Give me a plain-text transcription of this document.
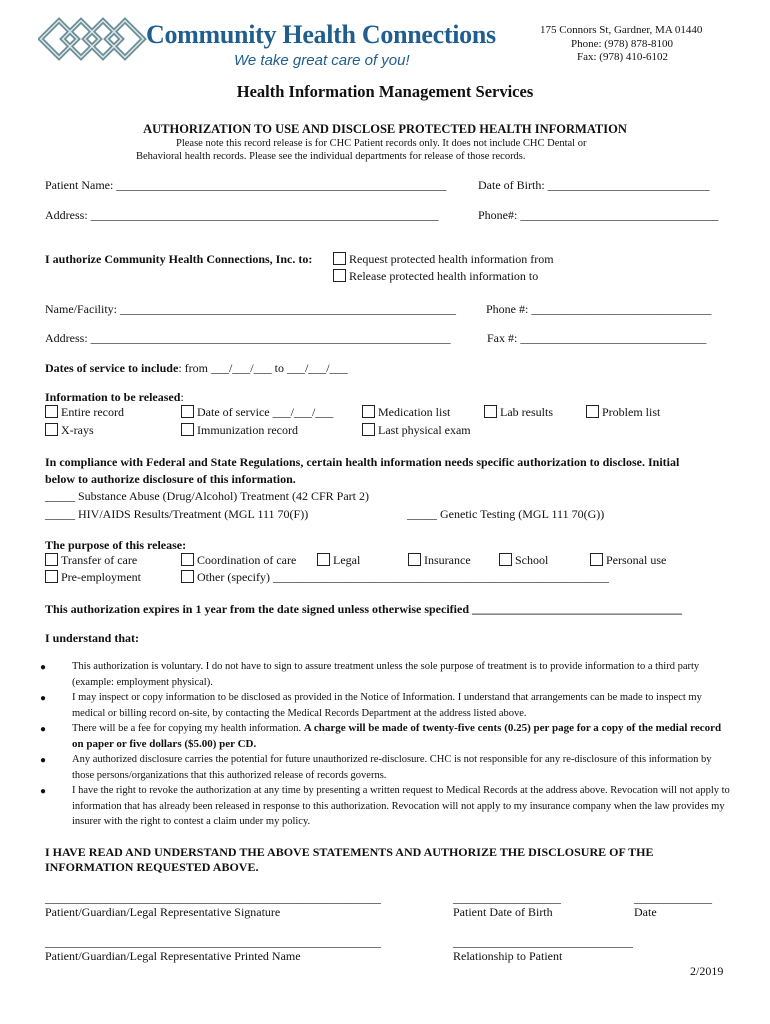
Community Health Connections
We take great care of you!
175 Connors St, Gardner, MA 01440
Phone: (978) 878-8100
Fax: (978) 410-6102
Health Information Management Services
AUTHORIZATION TO USE AND DISCLOSE PROTECTED HEALTH INFORMATION
Please note this record release is for CHC Patient records only. It does not include CHC Dental or
Behavioral health records. Please see the individual departments for release of those records.
Patient Name: _______________________________________________________	Date of Birth: ___________________________
Address: __________________________________________________________	Phone#: _________________________________
I authorize Community Health Connections, Inc. to:	Request protected health information from
Release protected health information to
Name/Facility: ________________________________________________________	Phone #: ______________________________
Address: ____________________________________________________________	Fax #: _______________________________
Dates of service to include: from ___/___/___ to ___/___/___
Information to be released:
Entire record	Date of service ___/___/___	Medication list	Lab results	Problem list
X-rays	Immunization record	Last physical exam
In compliance with Federal and State Regulations, certain health information needs specific authorization to disclose. Initial
below to authorize disclosure of this information.
_____ Substance Abuse (Drug/Alcohol) Treatment (42 CFR Part 2)
_____ HIV/AIDS Results/Treatment (MGL 111 70(F))	_____ Genetic Testing (MGL 111 70(G))
The purpose of this release:
Transfer of care	Coordination of care	Legal	Insurance	School	Personal use
Pre-employment	Other (specify) ________________________________________________________
This authorization expires in 1 year from the date signed unless otherwise specified ___________________________________
I understand that:
● This authorization is voluntary. I do not have to sign to assure treatment unless the sole purpose of treatment is to provide information to a third party (example: employment physical).
● I may inspect or copy information to be disclosed as provided in the Notice of Information. I understand that arrangements can be made to inspect my medical or billing record on-site, by contacting the Medical Records Department at the address listed above.
● There will be a fee for copying my health information. A charge will be made of twenty-five cents (0.25) per page for a copy of the medial record on paper or five dollars ($5.00) per CD.
● Any authorized disclosure carries the potential for future unauthorized re-disclosure. CHC is not responsible for any re-disclosure of this information by those persons/organizations that this authorized release of records governs.
● I have the right to revoke the authorization at any time by presenting a written request to Medical Records at the address above. Revocation will not apply to information that has already been released in response to this authorization. Revocation will not apply to my insurance company when the law provides my insurer with the right to contest a claim under my policy.
I HAVE READ AND UNDERSTAND THE ABOVE STATEMENTS AND AUTHORIZE THE DISCLOSURE OF THE
INFORMATION REQUESTED ABOVE.
________________________________________________________
Patient/Guardian/Legal Representative Signature
__________________
Patient Date of Birth
_____________
Date
________________________________________________________
Patient/Guardian/Legal Representative Printed Name
______________________________
Relationship to Patient
2/2019
